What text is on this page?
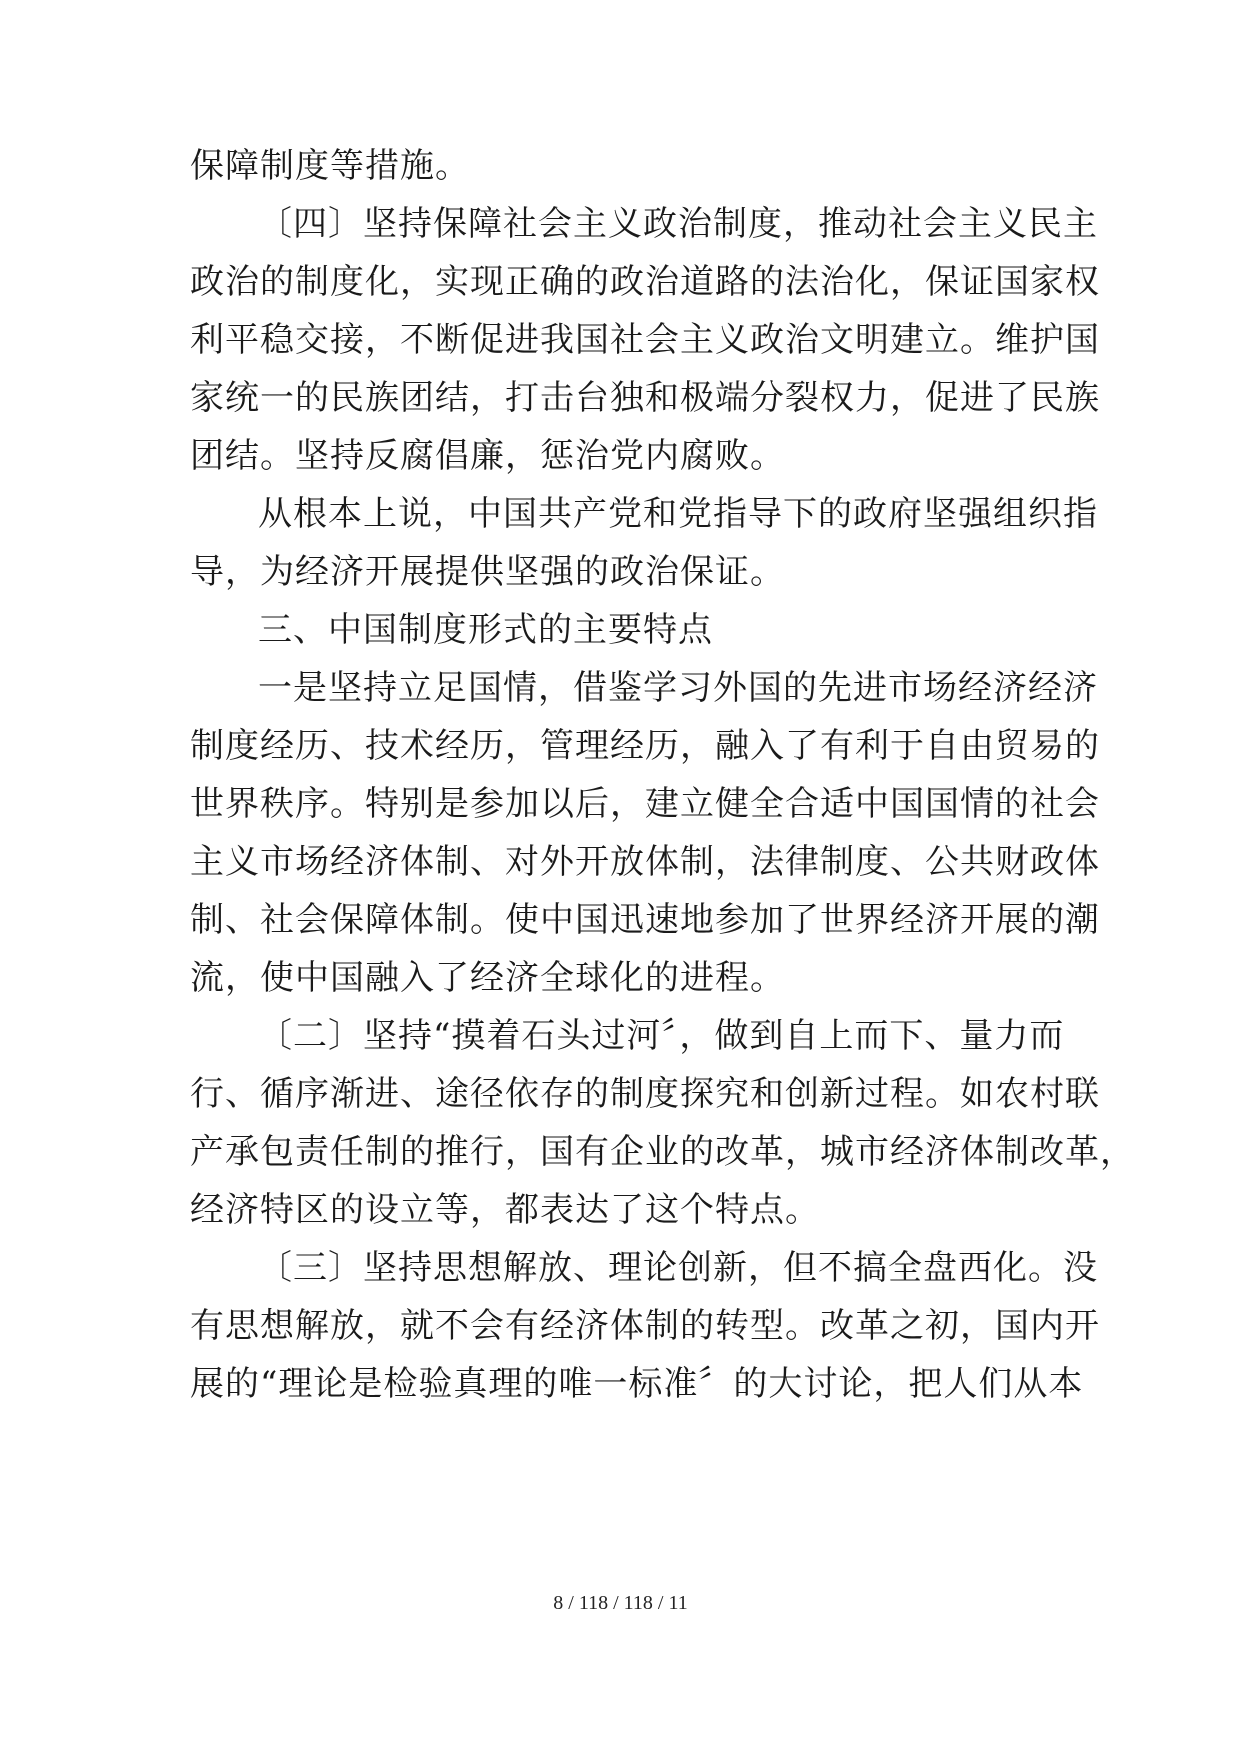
保障制度等措施。
〔四〕坚持保障社会主义政治制度，推动社会主义民主
政治的制度化，实现正确的政治道路的法治化，保证国家权
利平稳交接，不断促进我国社会主义政治文明建立。维护国
家统一的民族团结，打击台独和极端分裂权力，促进了民族
团结。坚持反腐倡廉，惩治党内腐败。
从根本上说，中国共产党和党指导下的政府坚强组织指
导，为经济开展提供坚强的政治保证。
三、中国制度形式的主要特点
一是坚持立足国情，借鉴学习外国的先进市场经济经济
制度经历、技术经历，管理经历，融入了有利于自由贸易的
世界秩序。特别是参加以后，建立健全合适中国国情的社会
主义市场经济体制、对外开放体制，法律制度、公共财政体
制、社会保障体制。使中国迅速地参加了世界经济开展的潮
流，使中国融入了经济全球化的进程。
〔二〕坚持“摸着石头过河〞，做到自上而下、量力而
行、循序渐进、途径依存的制度探究和创新过程。如农村联
产承包责任制的推行，国有企业的改革，城市经济体制改革，
经济特区的设立等，都表达了这个特点。
〔三〕坚持思想解放、理论创新，但不搞全盘西化。没
有思想解放，就不会有经济体制的转型。改革之初，国内开
展的“理论是检验真理的唯一标准〞的大讨论，把人们从本
8 / 118 / 118 / 11
